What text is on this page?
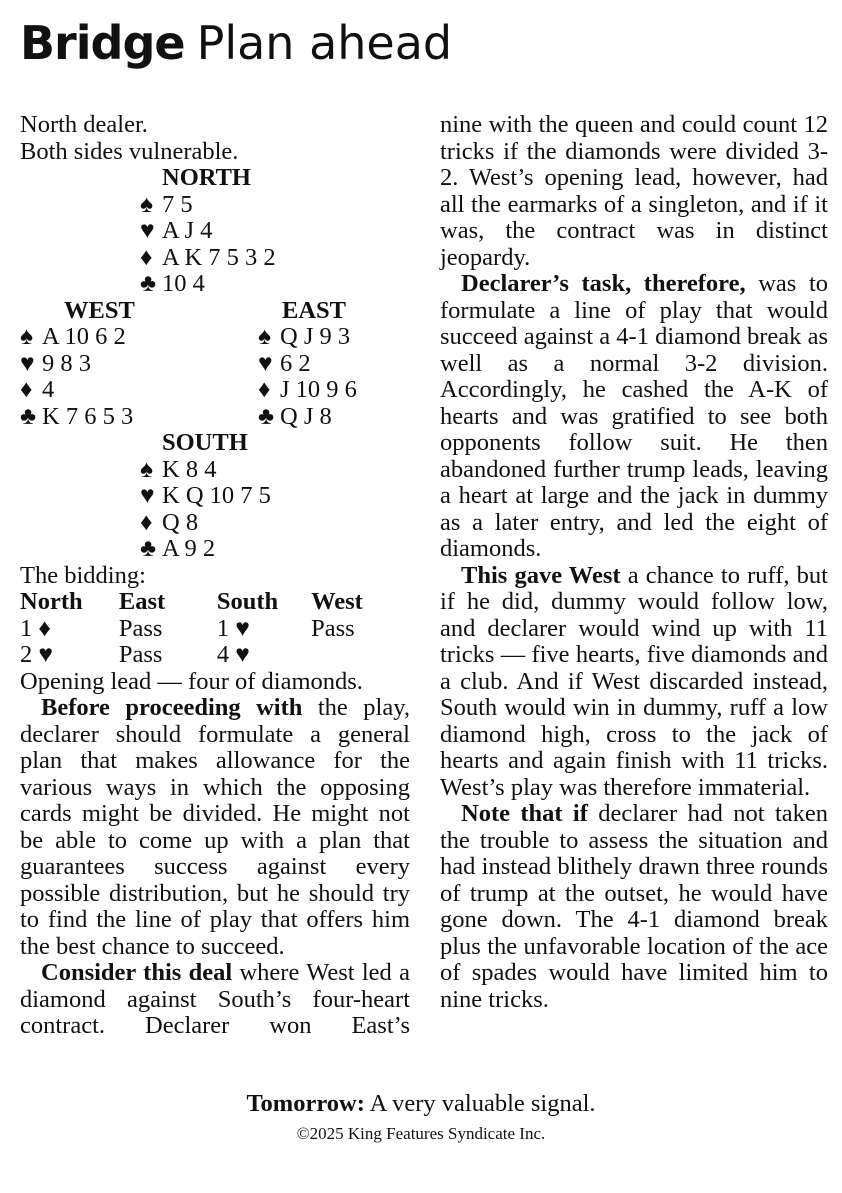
Bridge Plan ahead
North dealer.
Both sides vulnerable.
NORTH
♠ 7 5
♥ A J 4
♦ A K 7 5 3 2
♣ 10 4
WEST
♠ A 10 6 2
♥ 9 8 3
♦ 4
♣ K 7 6 5 3
EAST
♠ Q J 9 3
♥ 6 2
♦ J 10 9 6
♣ Q J 8
SOUTH
♠ K 8 4
♥ K Q 10 7 5
♦ Q 8
♣ A 9 2
The bidding:
North	East	South	West
1 ♦	Pass	1 ♥	Pass
2 ♥	Pass	4 ♥
Opening lead — four of diamonds.

Before proceeding with the play, declarer should formulate a general plan that makes allowance for the various ways in which the opposing cards might be divided. He might not be able to come up with a plan that guarantees success against every possible distribution, but he should try to find the line of play that offers him the best chance to succeed.

Consider this deal where West led a diamond against South’s four-heart contract. Declarer won East’s

nine with the queen and could count 12 tricks if the diamonds were divided 3-2. West’s opening lead, however, had all the earmarks of a singleton, and if it was, the contract was in distinct jeopardy.

Declarer’s task, therefore, was to formulate a line of play that would succeed against a 4-1 diamond break as well as a normal 3-2 division. Accordingly, he cashed the A-K of hearts and was gratified to see both opponents follow suit. He then abandoned further trump leads, leaving a heart at large and the jack in dummy as a later entry, and led the eight of diamonds.

This gave West a chance to ruff, but if he did, dummy would follow low, and declarer would wind up with 11 tricks — five hearts, five diamonds and a club. And if West discarded instead, South would win in dummy, ruff a low diamond high, cross to the jack of hearts and again finish with 11 tricks. West’s play was therefore immaterial.

Note that if declarer had not taken the trouble to assess the situation and had instead blithely drawn three rounds of trump at the outset, he would have gone down. The 4-1 diamond break plus the unfavorable location of the ace of spades would have limited him to nine tricks.

Tomorrow: A very valuable signal.
©2025 King Features Syndicate Inc.
